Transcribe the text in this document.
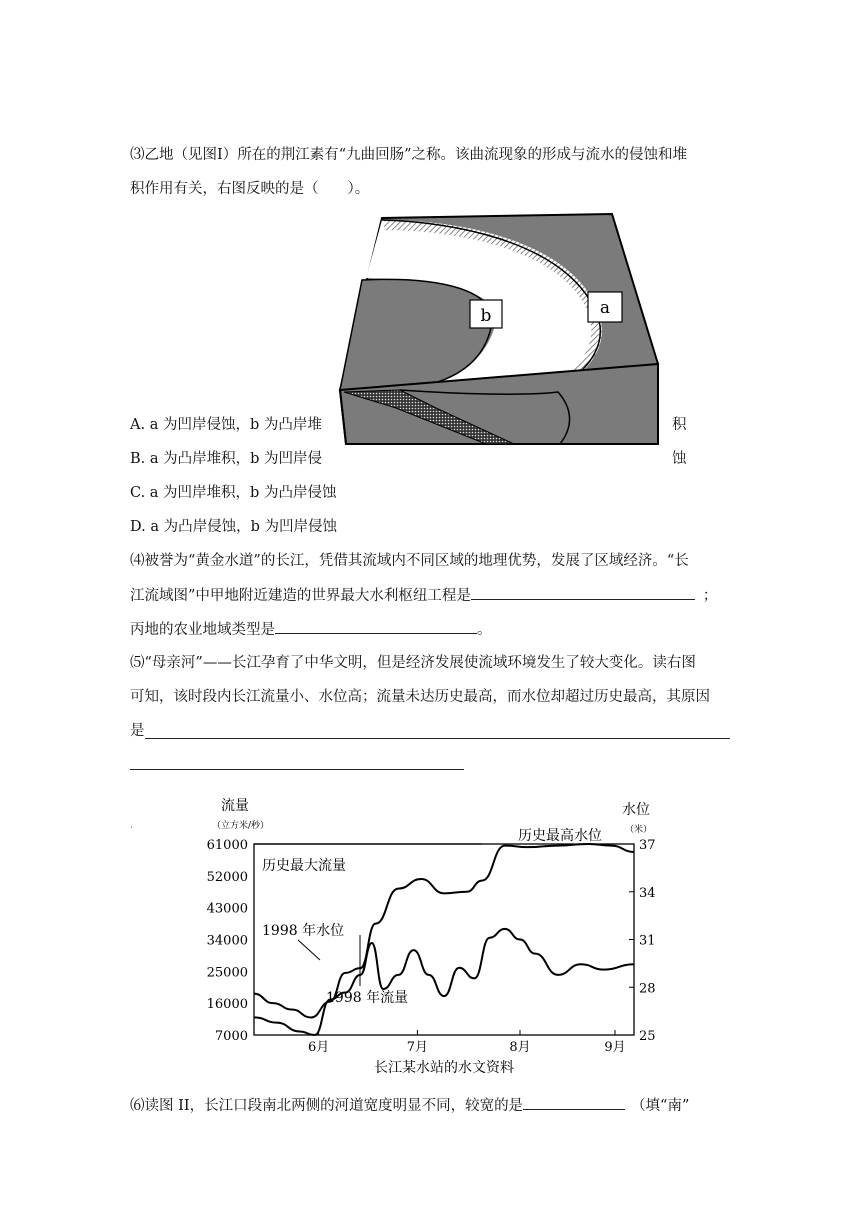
⑶乙地（见图Ⅰ）所在的荆江素有“九曲回肠”之称。该曲流现象的形成与流水的侵蚀和堆
积作用有关，右图反映的是（　　）。
b	a
A. a 为凹岸侵蚀，b 为凸岸堆	积
B. a 为凸岸堆积，b 为凹岸侵	蚀
C. a 为凹岸堆积，b 为凸岸侵蚀
D. a 为凸岸侵蚀，b 为凹岸侵蚀
⑷被誉为“黄金水道”的长江，凭借其流域内不同区域的地理优势，发展了区域经济。“长
江流域图”中甲地附近建造的世界最大水利枢纽工程是	；
丙地的农业地域类型是	。
⑸“母亲河”——长江孕育了中华文明，但是经济发展使流域环境发生了较大变化。读右图
可知，该时段内长江流量小、水位高；流量未达历史最高，而水位却超过历史最高，其原因
是
流量
（立方米/秒）
水位
（米）
61000
52000
43000
34000
25000
16000
7000
37
34
31
28
25
6月	7月	8月	9月
历史最高水位
历史最大流量
1998 年水位
1998 年流量
长江某水站的水文资料
·
⑹读图 II，长江口段南北两侧的河道宽度明显不同，较宽的是	（填“南”
